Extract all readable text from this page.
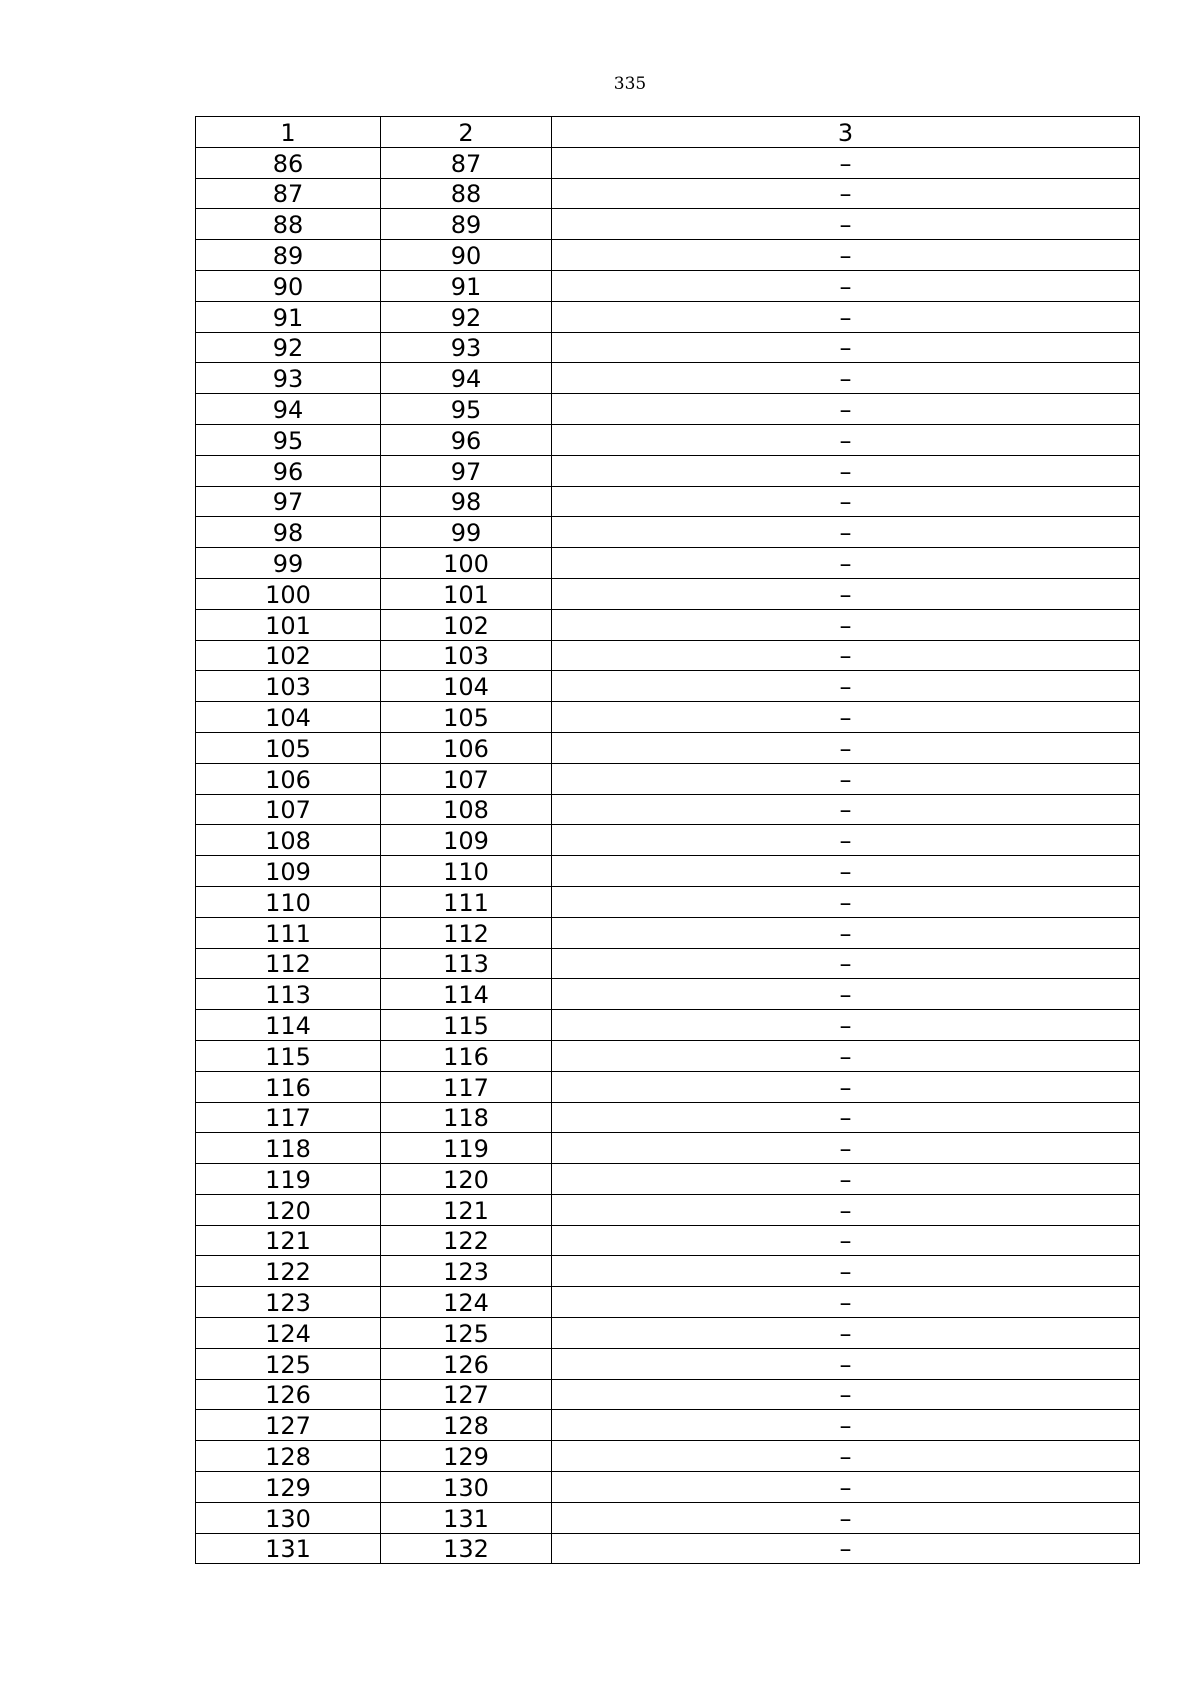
335
1	2	3
86	87	–
87	88	–
88	89	–
89	90	–
90	91	–
91	92	–
92	93	–
93	94	–
94	95	–
95	96	–
96	97	–
97	98	–
98	99	–
99	100	–
100	101	–
101	102	–
102	103	–
103	104	–
104	105	–
105	106	–
106	107	–
107	108	–
108	109	–
109	110	–
110	111	–
111	112	–
112	113	–
113	114	–
114	115	–
115	116	–
116	117	–
117	118	–
118	119	–
119	120	–
120	121	–
121	122	–
122	123	–
123	124	–
124	125	–
125	126	–
126	127	–
127	128	–
128	129	–
129	130	–
130	131	–
131	132	–
